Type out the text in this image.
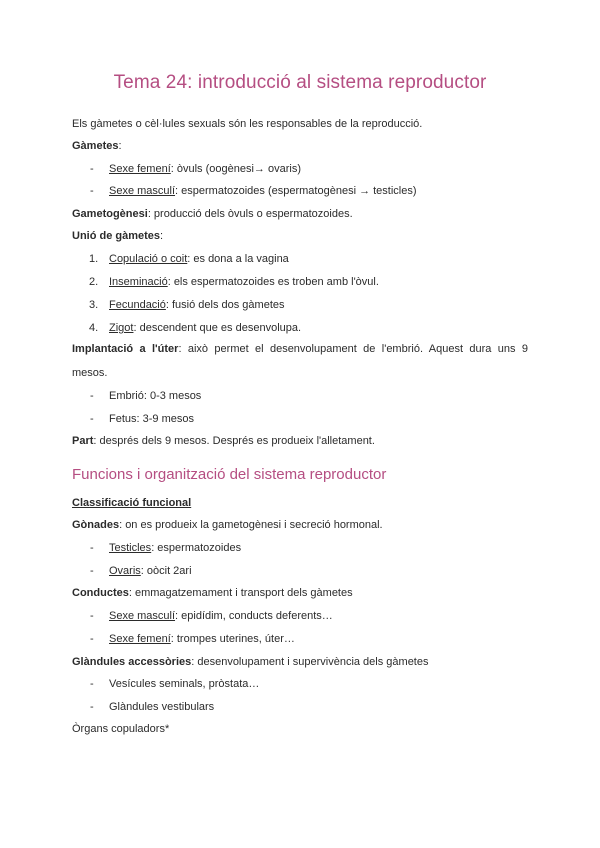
Tema 24: introducció al sistema reproductor
Els gàmetes o cèl·lules sexuals són les responsables de la reproducció.
Gàmetes:
- Sexe femení: òvuls (oogènesi→ ovaris)
- Sexe masculí: espermatozoides (espermatogènesi → testicles)
Gametogènesi: producció dels òvuls o espermatozoides.
Unió de gàmetes:
1. Copulació o coit: es dona a la vagina
2. Inseminació: els espermatozoides es troben amb l'òvul.
3. Fecundació: fusió dels dos gàmetes
4. Zigot: descendent que es desenvolupa.
Implantació a l'úter: això permet el desenvolupament de l'embrió. Aquest dura uns 9
mesos.
- Embrió: 0-3 mesos
- Fetus: 3-9 mesos
Part: després dels 9 mesos. Després es produeix l'alletament.
Funcions i organització del sistema reproductor
Classificació funcional
Gònades: on es produeix la gametogènesi i secreció hormonal.
- Testicles: espermatozoides
- Ovaris: oòcit 2ari
Conductes: emmagatzemament i transport dels gàmetes
- Sexe masculí: epidídim, conducts deferents…
- Sexe femení: trompes uterines, úter…
Glàndules accessòries: desenvolupament i supervivència dels gàmetes
- Vesícules seminals, pròstata…
- Glàndules vestibulars
Òrgans copuladors*
